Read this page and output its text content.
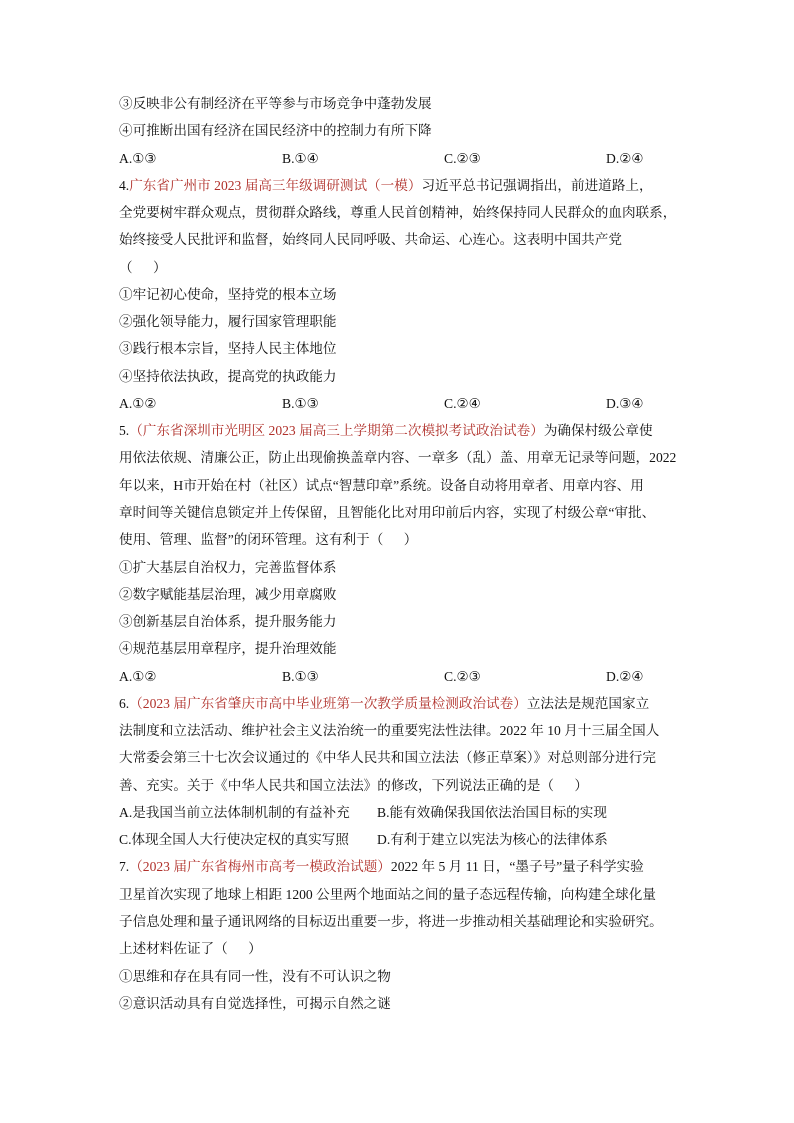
③反映非公有制经济在平等参与市场竞争中蓬勃发展
④可推断出国有经济在国民经济中的控制力有所下降
A.①③	B.①④	C.②③	D.②④
4.广东省广州市 2023 届高三年级调研测试（一模）习近平总书记强调指出，前进道路上，
全党要树牢群众观点，贯彻群众路线，尊重人民首创精神，始终保持同人民群众的血肉联系，
始终接受人民批评和监督，始终同人民同呼吸、共命运、心连心。这表明中国共产党
（      ）
①牢记初心使命，坚持党的根本立场
②强化领导能力，履行国家管理职能
③践行根本宗旨，坚持人民主体地位
④坚持依法执政，提高党的执政能力
A.①②	B.①③	C.②④	D.③④
5.（广东省深圳市光明区 2023 届高三上学期第二次模拟考试政治试卷）为确保村级公章使
用依法依规、清廉公正，防止出现偷换盖章内容、一章多（乱）盖、用章无记录等问题，2022
年以来，H市开始在村（社区）试点“智慧印章”系统。设备自动将用章者、用章内容、用
章时间等关键信息锁定并上传保留，且智能化比对用印前后内容，实现了村级公章“审批、
使用、管理、监督”的闭环管理。这有利于（      ）
①扩大基层自治权力，完善监督体系
②数字赋能基层治理，减少用章腐败
③创新基层自治体系，提升服务能力
④规范基层用章程序，提升治理效能
A.①②	B.①③	C.②③	D.②④
6.（2023 届广东省肇庆市高中毕业班第一次教学质量检测政治试卷）立法法是规范国家立
法制度和立法活动、维护社会主义法治统一的重要宪法性法律。2022 年 10 月十三届全国人
大常委会第三十七次会议通过的《中华人民共和国立法法（修正草案）》对总则部分进行完
善、充实。关于《中华人民共和国立法法》的修改，下列说法正确的是（      ）
A.是我国当前立法体制机制的有益补充 B.能有效确保我国依法治国目标的实现
C.体现全国人大行使决定权的真实写照 D.有利于建立以宪法为核心的法律体系
7.（2023 届广东省梅州市高考一模政治试题）2022 年 5 月 11 日，“墨子号”量子科学实验
卫星首次实现了地球上相距 1200 公里两个地面站之间的量子态远程传输，向构建全球化量
子信息处理和量子通讯网络的目标迈出重要一步，将进一步推动相关基础理论和实验研究。
上述材料佐证了（      ）
①思维和存在具有同一性，没有不可认识之物
②意识活动具有自觉选择性，可揭示自然之谜
